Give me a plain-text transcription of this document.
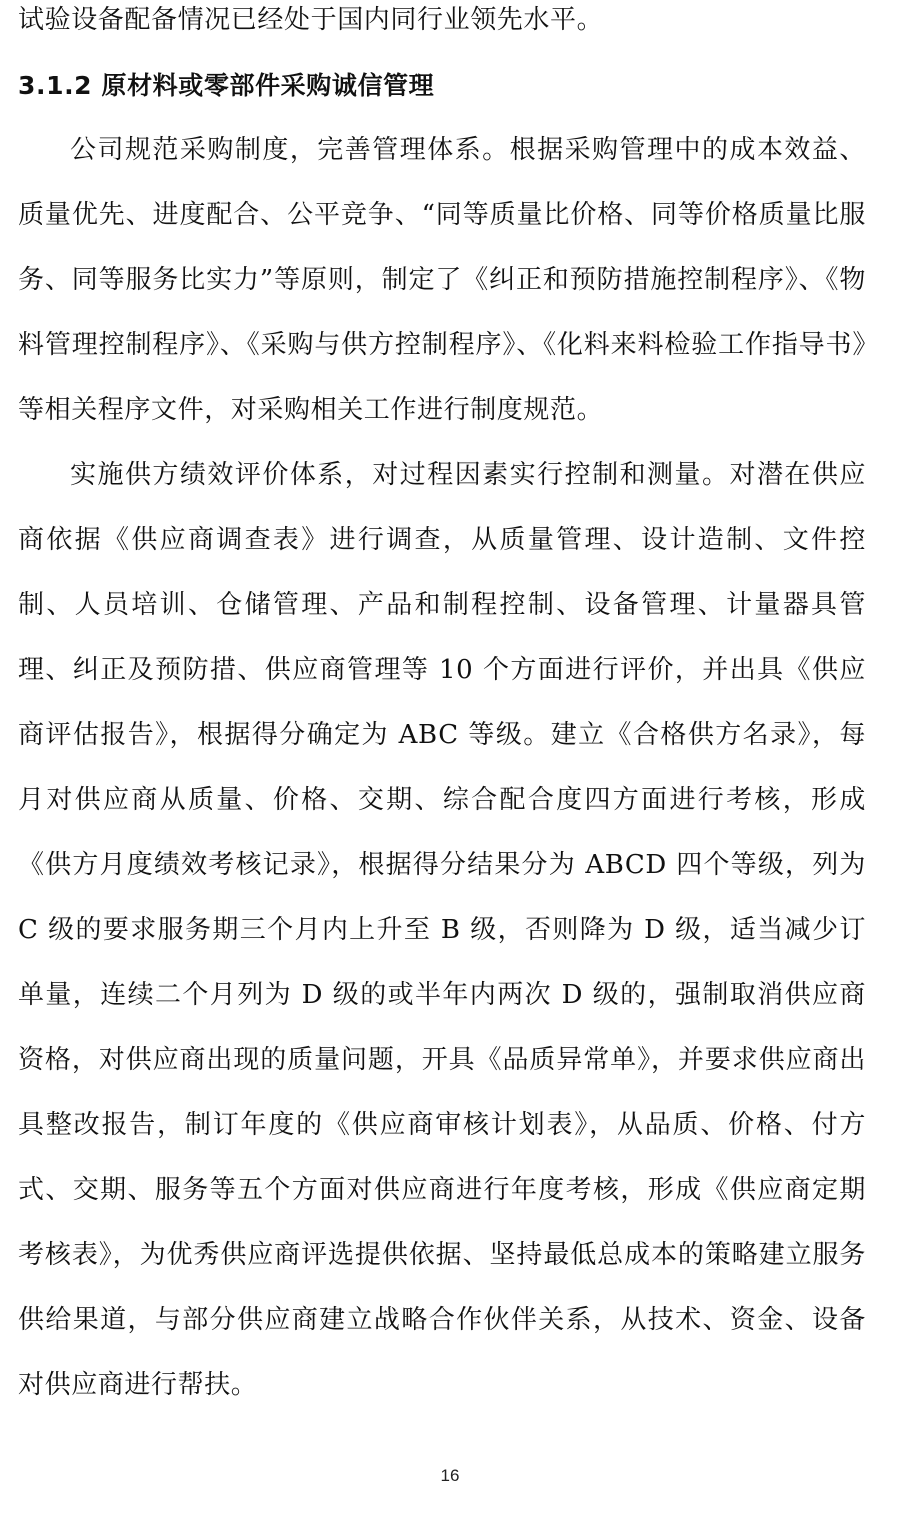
试验设备配备情况已经处于国内同行业领先水平。

3.1.2 原材料或零部件采购诚信管理

公司规范采购制度，完善管理体系。根据采购管理中的成本效益、质量优先、进度配合、公平竞争、“同等质量比价格、同等价格质量比服务、同等服务比实力”等原则，制定了《纠正和预防措施控制程序》、《物料管理控制程序》、《采购与供方控制程序》、《化料来料检验工作指导书》等相关程序文件，对采购相关工作进行制度规范。

实施供方绩效评价体系，对过程因素实行控制和测量。对潜在供应商依据《供应商调查表》进行调查，从质量管理、设计造制、文件控制、人员培训、仓储管理、产品和制程控制、设备管理、计量器具管理、纠正及预防措、供应商管理等 10 个方面进行评价，并出具《供应商评估报告》，根据得分确定为 ABC 等级。建立《合格供方名录》，每月对供应商从质量、价格、交期、综合配合度四方面进行考核，形成《供方月度绩效考核记录》，根据得分结果分为 ABCD 四个等级，列为 C 级的要求服务期三个月内上升至 B 级，否则降为 D 级，适当减少订单量，连续二个月列为 D 级的或半年内两次 D 级的，强制取消供应商资格，对供应商出现的质量问题，开具《品质异常单》，并要求供应商出具整改报告，制订年度的《供应商审核计划表》，从品质、价格、付方式、交期、服务等五个方面对供应商进行年度考核，形成《供应商定期考核表》，为优秀供应商评选提供依据、坚持最低总成本的策略建立服务供给果道，与部分供应商建立战略合作伙伴关系，从技术、资金、设备对供应商进行帮扶。

16
